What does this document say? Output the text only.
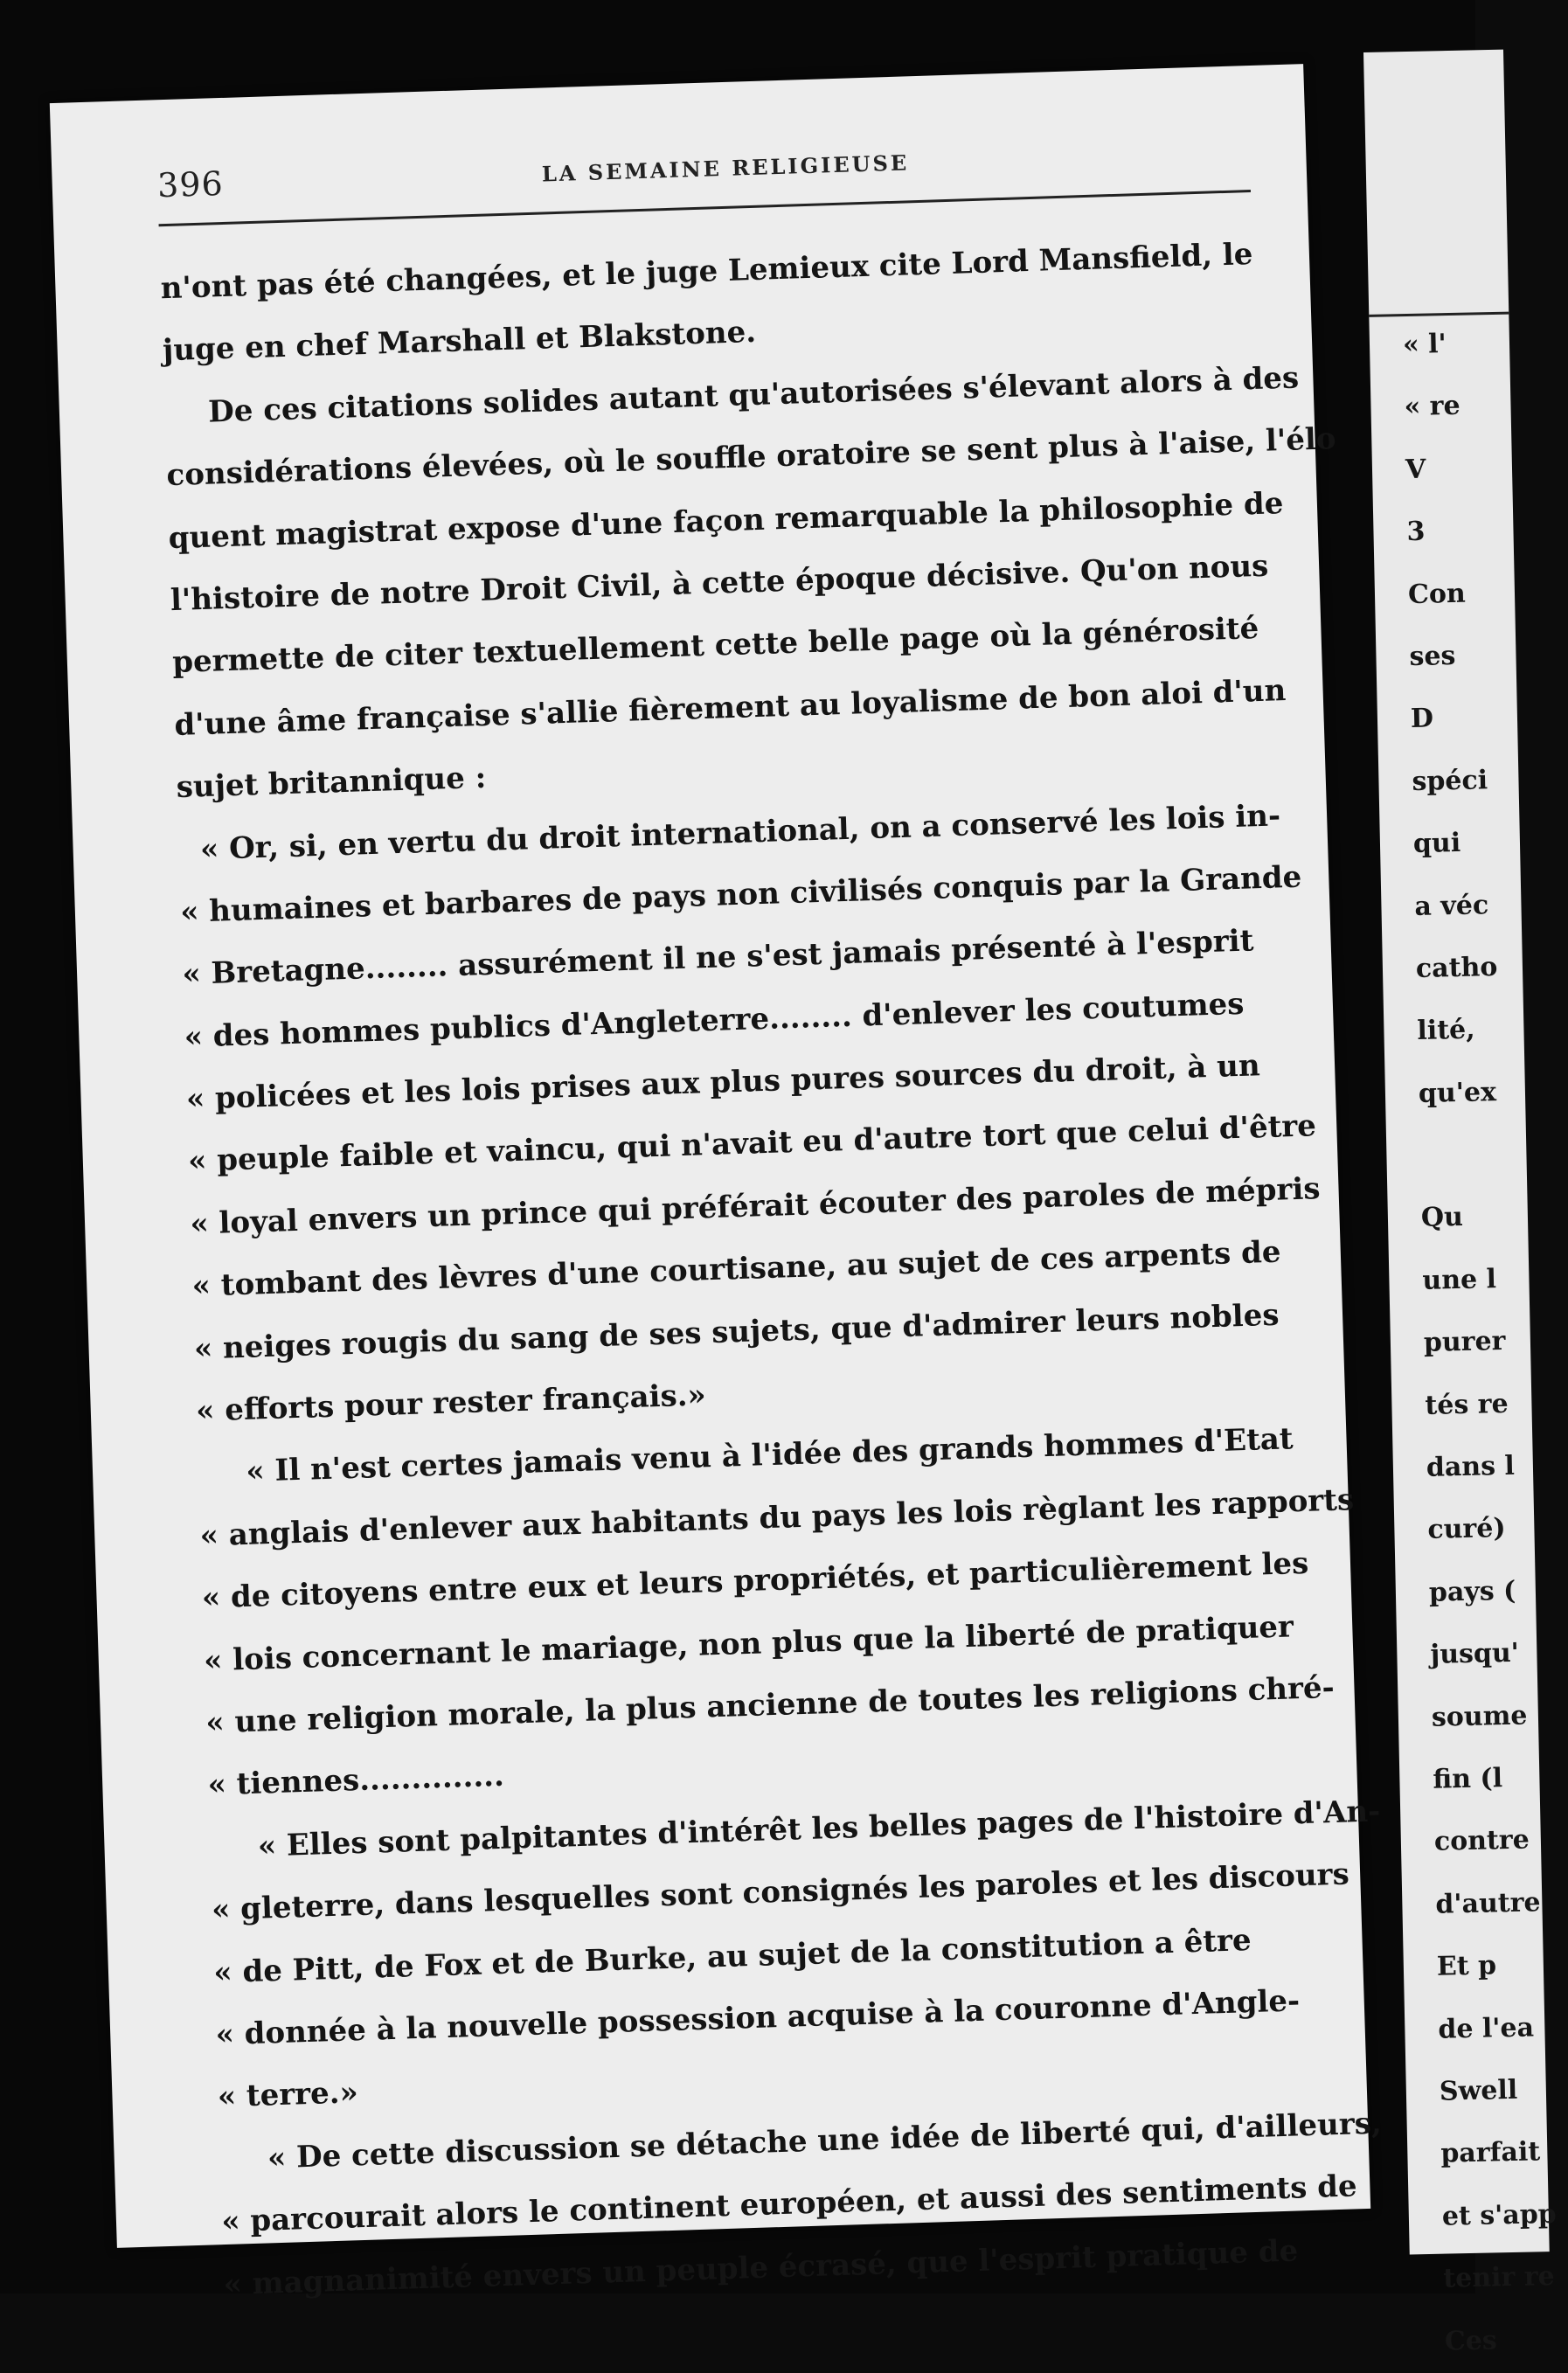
« l'
« re
V
3
Con
ses
D
spéci
qui
a véc
catho
lité,
qu'ex
Qu
une l
purer
tés re
dans l
curé)
pays (
jusqu'
soume
fin (l
contre
d'autre
Et p
de l'ea
Swell
parfait
et s'app
tenir re
Ces
396	LA SEMAINE RELIGIEUSE
n'ont pas été changées, et le juge Lemieux cite Lord Mansfield, le
juge en chef Marshall et Blakstone.
De ces citations solides autant qu'autorisées s'élevant alors à des
considérations élevées, où le souffle oratoire se sent plus à l'aise, l'élo
quent magistrat expose d'une façon remarquable la philosophie de
l'histoire de notre Droit Civil, à cette époque décisive. Qu'on nous
permette de citer textuellement cette belle page où la générosité
d'une âme française s'allie fièrement au loyalisme de bon aloi d'un
sujet britannique :
« Or, si, en vertu du droit international, on a conservé les lois in-
« humaines et barbares de pays non civilisés conquis par la Grande
« Bretagne........ assurément il ne s'est jamais présenté à l'esprit
« des hommes publics d'Angleterre........ d'enlever les coutumes
« policées et les lois prises aux plus pures sources du droit, à un
« peuple faible et vaincu, qui n'avait eu d'autre tort que celui d'être
« loyal envers un prince qui préférait écouter des paroles de mépris
« tombant des lèvres d'une courtisane, au sujet de ces arpents de
« neiges rougis du sang de ses sujets, que d'admirer leurs nobles
« efforts pour rester français.»
« Il n'est certes jamais venu à l'idée des grands hommes d'Etat
« anglais d'enlever aux habitants du pays les lois règlant les rapports
« de citoyens entre eux et leurs propriétés, et particulièrement les
« lois concernant le mariage, non plus que la liberté de pratiquer
« une religion morale, la plus ancienne de toutes les religions chré-
« tiennes..............
« Elles sont palpitantes d'intérêt les belles pages de l'histoire d'An-
« gleterre, dans lesquelles sont consignés les paroles et les discours
« de Pitt, de Fox et de Burke, au sujet de la constitution a être
« donnée à la nouvelle possession acquise à la couronne d'Angle-
« terre.»
« De cette discussion se détache une idée de liberté qui, d'ailleurs,
« parcourait alors le continent européen, et aussi des sentiments de
« magnanimité envers un peuple écrasé, que l'esprit pratique de
